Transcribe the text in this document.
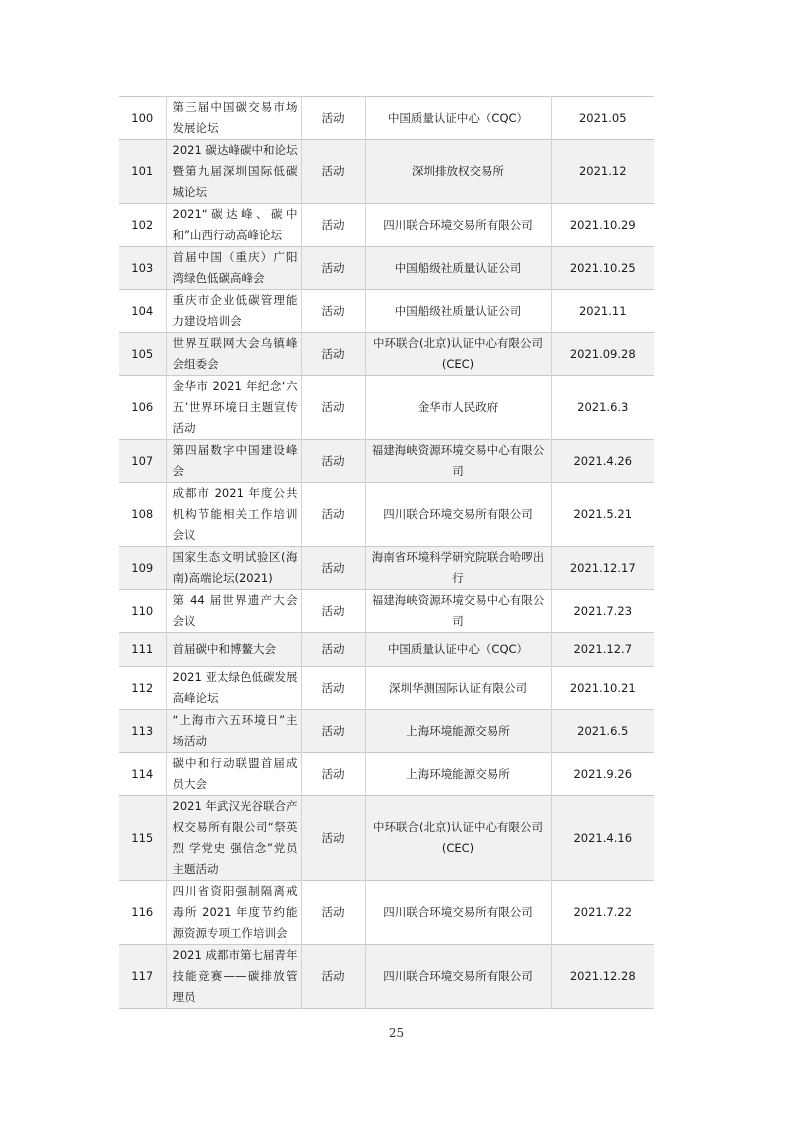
100	第三届中国碳交易市场发展论坛	活动	中国质量认证中心（CQC）	2021.05
101	2021 碳达峰碳中和论坛暨第九届深圳国际低碳城论坛	活动	深圳排放权交易所	2021.12
102	2021“碳达峰、碳中和”山西行动高峰论坛	活动	四川联合环境交易所有限公司	2021.10.29
103	首届中国（重庆）广阳湾绿色低碳高峰会	活动	中国船级社质量认证公司	2021.10.25
104	重庆市企业低碳管理能力建设培训会	活动	中国船级社质量认证公司	2021.11
105	世界互联网大会乌镇峰会组委会	活动	中环联合(北京)认证中心有限公司(CEC)	2021.09.28
106	金华市 2021 年纪念‘六五’世界环境日主题宣传活动	活动	金华市人民政府	2021.6.3
107	第四届数字中国建设峰会	活动	福建海峡资源环境交易中心有限公司	2021.4.26
108	成都市 2021 年度公共机构节能相关工作培训会议	活动	四川联合环境交易所有限公司	2021.5.21
109	国家生态文明试验区(海南)高端论坛(2021)	活动	海南省环境科学研究院联合哈啰出行	2021.12.17
110	第 44 届世界遗产大会会议	活动	福建海峡资源环境交易中心有限公司	2021.7.23
111	首届碳中和博鳌大会	活动	中国质量认证中心（CQC）	2021.12.7
112	2021 亚太绿色低碳发展高峰论坛	活动	深圳华测国际认证有限公司	2021.10.21
113	“上海市六五环境日”主场活动	活动	上海环境能源交易所	2021.6.5
114	碳中和行动联盟首届成员大会	活动	上海环境能源交易所	2021.9.26
115	2021 年武汉光谷联合产权交易所有限公司“祭英烈 学党史 强信念”党员主题活动	活动	中环联合(北京)认证中心有限公司(CEC)	2021.4.16
116	四川省资阳强制隔离戒毒所 2021 年度节约能源资源专项工作培训会	活动	四川联合环境交易所有限公司	2021.7.22
117	2021 成都市第七届青年技能竞赛——碳排放管理员	活动	四川联合环境交易所有限公司	2021.12.28
25
